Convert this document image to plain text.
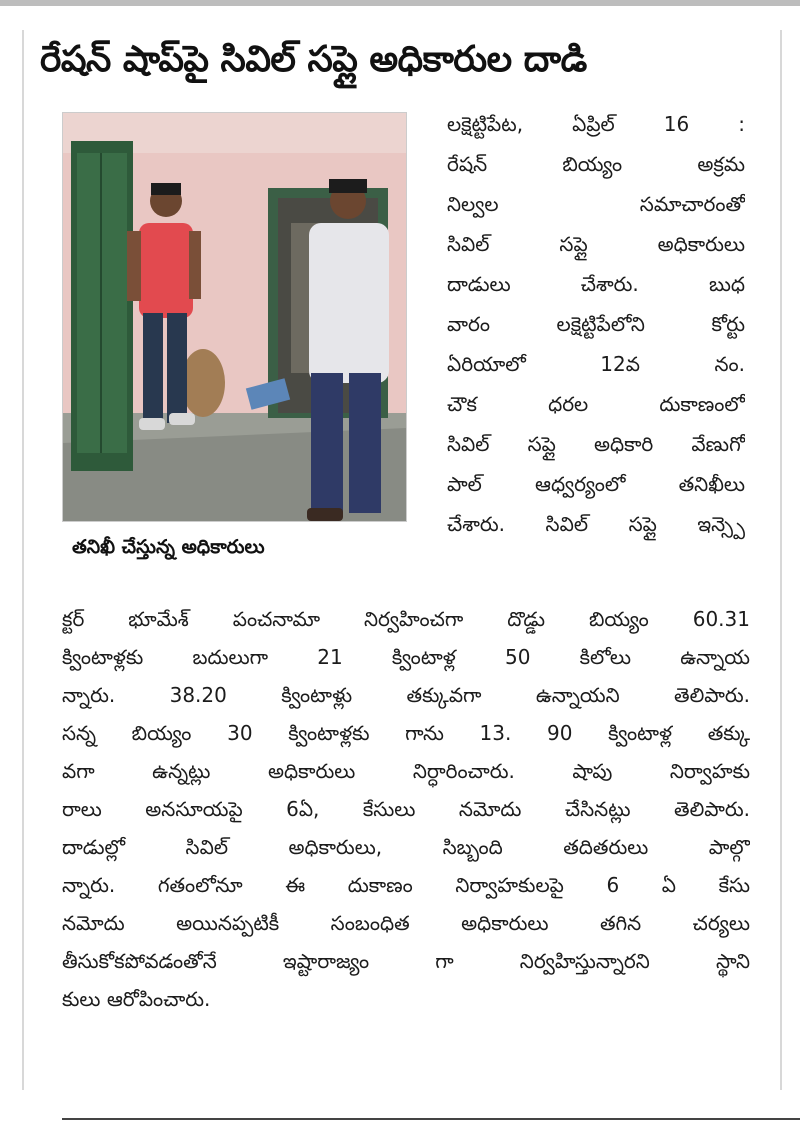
రేషన్ షాప్‌పై సివిల్ సప్లై అధికారుల దాడి
తనిఖీ చేస్తున్న అధికారులు
లక్షెట్టిపేట, ఏప్రిల్ 16 :
రేషన్ బియ్యం అక్రమ
నిల్వల సమాచారంతో
సివిల్ సప్లై అధికారులు
దాడులు చేశారు. బుధ
వారం లక్షెట్టిపేలోని కోర్టు
ఏరియాలో 12వ నం.
చౌక ధరల దుకాణంలో
సివిల్ సప్లై అధికారి వేణుగో
పాల్ ఆధ్వర్యంలో తనిఖీలు
చేశారు. సివిల్ సప్లై ఇన్స్పె
క్టర్ భూమేశ్ పంచనామా నిర్వహించగా దొడ్డు బియ్యం 60.31
క్వింటాళ్లకు బదులుగా 21 క్వింటాళ్ల 50 కిలోలు ఉన్నాయ
న్నారు. 38.20 క్వింటాళ్లు తక్కువగా ఉన్నాయని తెలిపారు.
సన్న బియ్యం 30 క్వింటాళ్లకు గాను 13. 90 క్వింటాళ్ల తక్కు
వగా ఉన్నట్లు అధికారులు నిర్ధారించారు. షాపు నిర్వాహకు
రాలు అనసూయపై 6ఏ, కేసులు నమోదు చేసినట్లు తెలిపారు.
దాడుల్లో సివిల్ అధికారులు, సిబ్బంది తదితరులు పాల్గొ
న్నారు. గతంలోనూ ఈ దుకాణం నిర్వాహకులపై 6 ఏ కేసు
నమోదు అయినప్పటికీ సంబంధిత అధికారులు తగిన చర్యలు
తీసుకోకపోవడంతోనే ఇష్టారాజ్యం గా నిర్వహిస్తున్నారని స్థాని
కులు ఆరోపించారు.
